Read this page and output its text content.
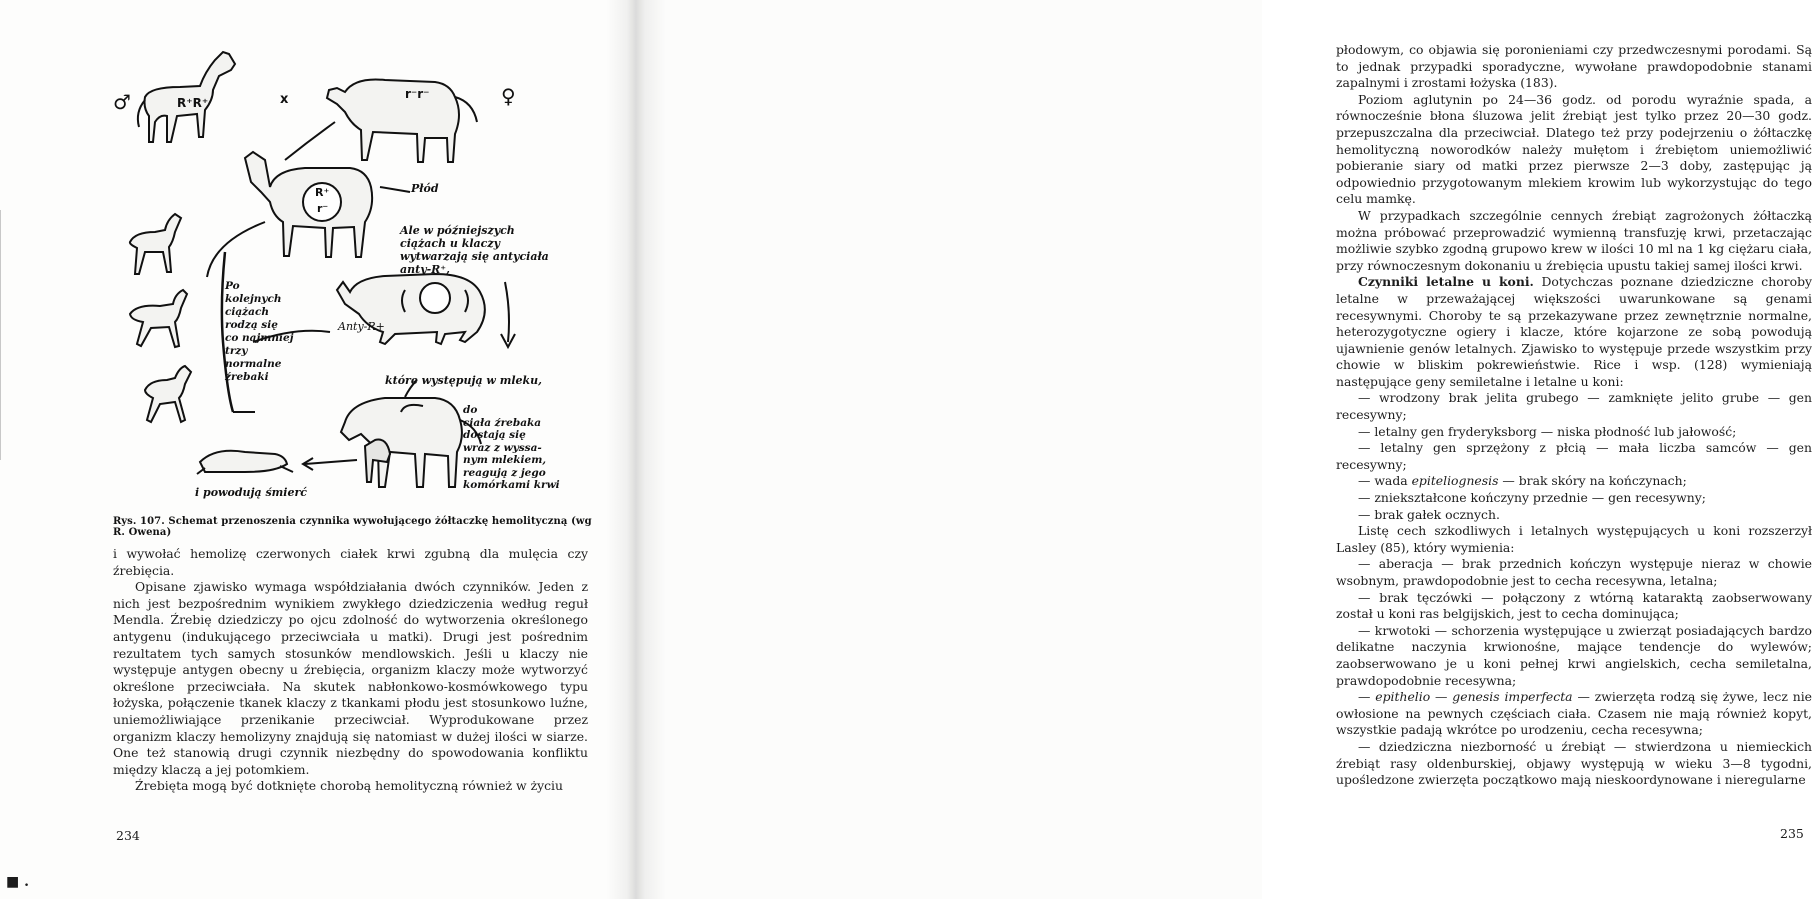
♂	x	♀
R⁺R⁺
r⁻r⁻
R⁺
r⁻
Płód
Ale w późniejszych
ciążach u klaczy
wytwarzają się antyciała
anty-R⁺,
Anty-R+
Po
kolejnych
ciążach
rodzą się
co najmniej
trzy
normalne
źrebaki	które występują w mleku,
do
ciała źrebaka
dostają się
wraz z wyssa-
nym mlekiem,
reagują z jego
komórkami krwi
i powodują śmierć
Rys. 107. Schemat przenoszenia czynnika wywołującego żółtaczkę hemolityczną (wg R. Owena)

i wywołać hemolizę czerwonych ciałek krwi zgubną dla mulęcia czy źrebięcia.

Opisane zjawisko wymaga współdziałania dwóch czynników. Jeden z nich jest bezpośrednim wynikiem zwykłego dziedziczenia według reguł Mendla. Źrebię dziedziczy po ojcu zdolność do wytworzenia określonego antygenu (indukującego przeciwciała u matki). Drugi jest pośrednim rezultatem tych samych stosunków mendlowskich. Jeśli u klaczy nie występuje antygen obecny u źrebięcia, organizm klaczy może wytworzyć określone przeciwciała. Na skutek nabłonkowo-kosmówkowego typu łożyska, połączenie tkanek klaczy z tkankami płodu jest stosunkowo luźne, uniemożliwiające przenikanie przeciwciał. Wyprodukowane przez organizm klaczy hemolizyny znajdują się natomiast w dużej ilości w siarze. One też stanowią drugi czynnik niezbędny do spowodowania konfliktu między klaczą a jej potomkiem.

Źrebięta mogą być dotknięte chorobą hemolityczną również w życiu

234
■ .

płodowym, co objawia się poronieniami czy przedwczesnymi porodami. Są to jednak przypadki sporadyczne, wywołane prawdopodobnie stanami zapalnymi i zrostami łożyska (183).

Poziom aglutynin po 24—36 godz. od porodu wyraźnie spada, a równocześnie błona śluzowa jelit źrebiąt jest tylko przez 20—30 godz. przepuszczalna dla przeciwciał. Dlatego też przy podejrzeniu o żółtaczkę hemolityczną noworodków należy mułętom i źrebiętom uniemożliwić pobieranie siary od matki przez pierwsze 2—3 doby, zastępując ją odpowiednio przygotowanym mlekiem krowim lub wykorzystując do tego celu mamkę.

W przypadkach szczególnie cennych źrebiąt zagrożonych żółtaczką można próbować przeprowadzić wymienną transfuzję krwi, przetaczając możliwie szybko zgodną grupowo krew w ilości 10 ml na 1 kg ciężaru ciała, przy równoczesnym dokonaniu u źrebięcia upustu takiej samej ilości krwi.

Czynniki letalne u koni. Dotychczas poznane dziedziczne choroby letalne w przeważającej większości uwarunkowane są genami recesywnymi. Choroby te są przekazywane przez zewnętrznie normalne, heterozygotyczne ogiery i klacze, które kojarzone ze sobą powodują ujawnienie genów letalnych. Zjawisko to występuje przede wszystkim przy chowie w bliskim pokrewieństwie. Rice i wsp. (128) wymieniają następujące geny semiletalne i letalne u koni:

— wrodzony brak jelita grubego — zamknięte jelito grube — gen recesywny;

— letalny gen fryderyksborg — niska płodność lub jałowość;

— letalny gen sprzężony z płcią — mała liczba samców — gen recesywny;

— wada epiteliognesis — brak skóry na kończynach;

— zniekształcone kończyny przednie — gen recesywny;

— brak gałek ocznych.

Listę cech szkodliwych i letalnych występujących u koni rozszerzył Lasley (85), który wymienia:

— aberacja — brak przednich kończyn występuje nieraz w chowie wsobnym, prawdopodobnie jest to cecha recesywna, letalna;

— brak tęczówki — połączony z wtórną kataraktą zaobserwowany został u koni ras belgijskich, jest to cecha dominująca;

— krwotoki — schorzenia występujące u zwierząt posiadających bardzo delikatne naczynia krwionośne, mające tendencje do wylewów; zaobserwowano je u koni pełnej krwi angielskich, cecha semiletalna, prawdopodobnie recesywna;

— epithelio — genesis imperfecta — zwierzęta rodzą się żywe, lecz nie owłosione na pewnych częściach ciała. Czasem nie mają również kopyt, wszystkie padają wkrótce po urodzeniu, cecha recesywna;

— dziedziczna niezborność u źrebiąt — stwierdzona u niemieckich źrebiąt rasy oldenburskiej, objawy występują w wieku 3—8 tygodni, upośledzone zwierzęta początkowo mają nieskoordynowane i nieregularne

235
